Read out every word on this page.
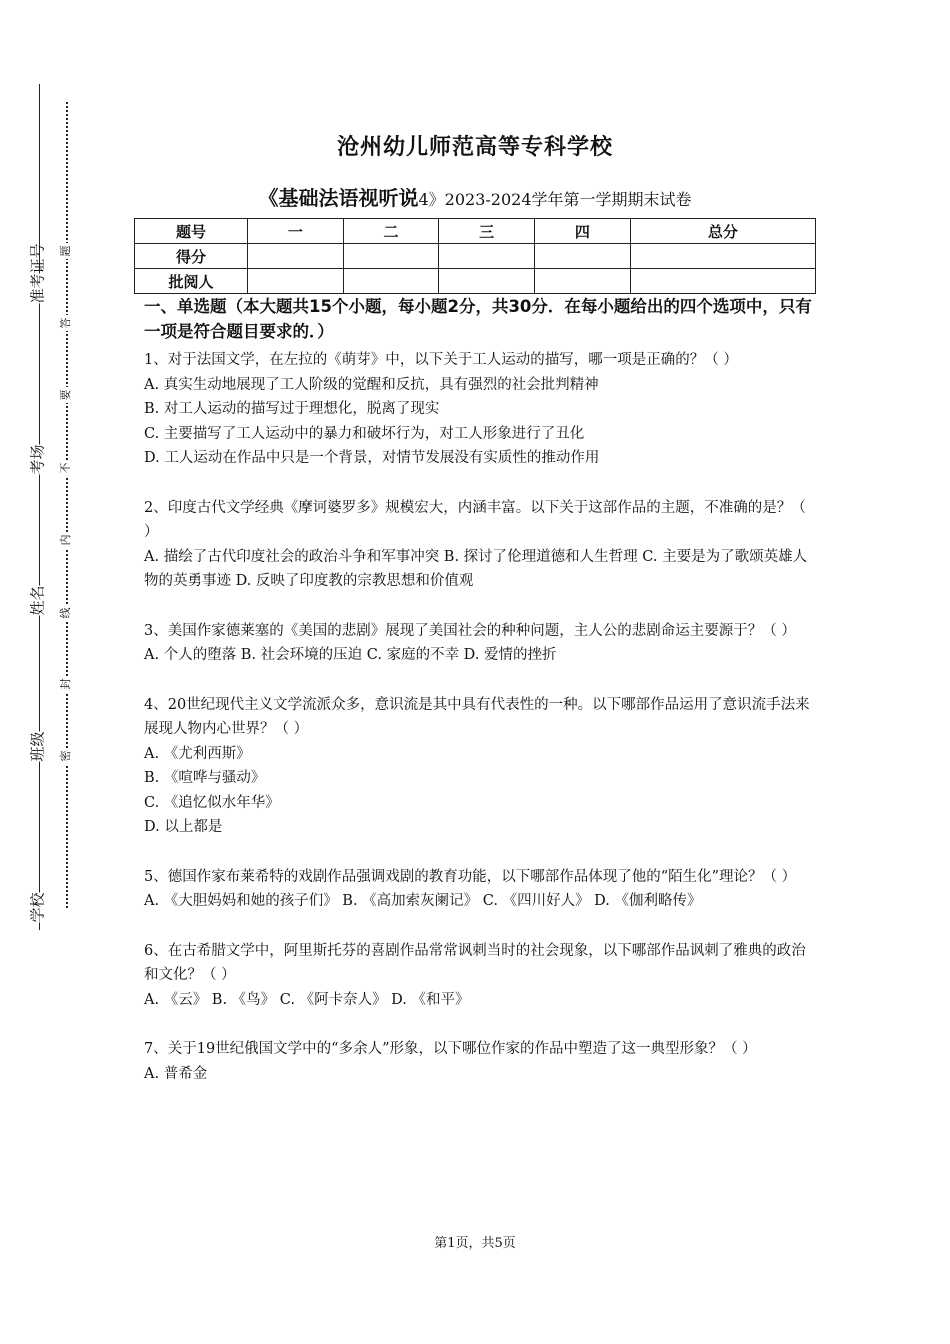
准考证号
考场
姓名
班级
学校
题
答
要
不
内
线
封
密
沧州幼儿师范高等专科学校
《基础法语视听说4》2023-2024学年第一学期期末试卷
题号	一	二	三	四	总分
得分					
批阅人					

一、单选题（本大题共15个小题，每小题2分，共30分．在每小题给出的四个选项中，只有一项是符合题目要求的．）

1、对于法国文学，在左拉的《萌芽》中，以下关于工人运动的描写，哪一项是正确的？（ ）

A. 真实生动地展现了工人阶级的觉醒和反抗，具有强烈的社会批判精神

B. 对工人运动的描写过于理想化，脱离了现实

C. 主要描写了工人运动中的暴力和破坏行为，对工人形象进行了丑化

D. 工人运动在作品中只是一个背景，对情节发展没有实质性的推动作用

2、印度古代文学经典《摩诃婆罗多》规模宏大，内涵丰富。以下关于这部作品的主题，不准确的是？（ ）

A. 描绘了古代印度社会的政治斗争和军事冲突 B. 探讨了伦理道德和人生哲理 C. 主要是为了歌颂英雄人物的英勇事迹 D. 反映了印度教的宗教思想和价值观

3、美国作家德莱塞的《美国的悲剧》展现了美国社会的种种问题，主人公的悲剧命运主要源于？（ ）

A. 个人的堕落 B. 社会环境的压迫 C. 家庭的不幸 D. 爱情的挫折

4、20世纪现代主义文学流派众多，意识流是其中具有代表性的一种。以下哪部作品运用了意识流手法来展现人物内心世界？（ ）

A. 《尤利西斯》

B. 《喧哗与骚动》

C. 《追忆似水年华》

D. 以上都是

5、德国作家布莱希特的戏剧作品强调戏剧的教育功能，以下哪部作品体现了他的“陌生化”理论？（ ）

A. 《大胆妈妈和她的孩子们》 B. 《高加索灰阑记》 C. 《四川好人》 D. 《伽利略传》

6、在古希腊文学中，阿里斯托芬的喜剧作品常常讽刺当时的社会现象，以下哪部作品讽刺了雅典的政治和文化？（ ）

A. 《云》 B. 《鸟》 C. 《阿卡奈人》 D. 《和平》

7、关于19世纪俄国文学中的“多余人”形象，以下哪位作家的作品中塑造了这一典型形象？（ ）

A. 普希金

第1页，共5页
